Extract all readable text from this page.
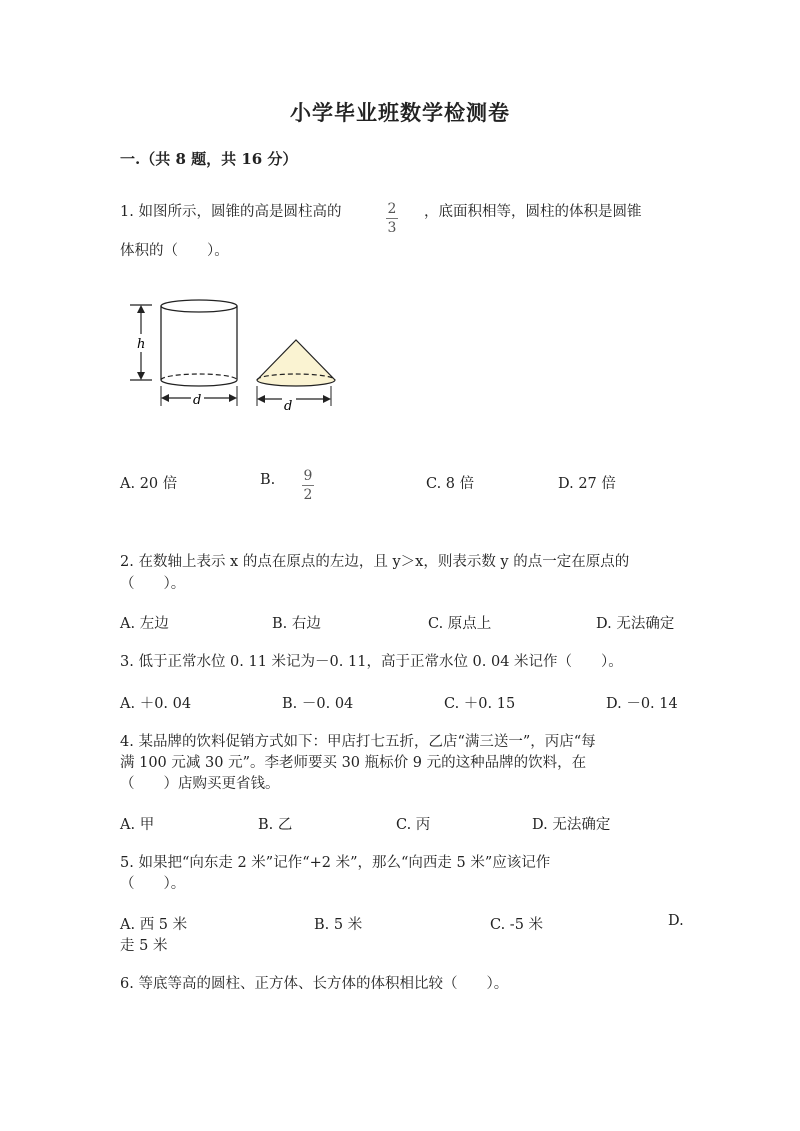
小学毕业班数学检测卷
一.（共 8 题，共 16 分）
1. 如图所示，圆锥的高是圆柱高的	$\frac{2}{3}$ ，底面积相等，圆柱的体积是圆锥
体积的（　　）。
h
d	d
A. 20 倍	B. $\frac{9}{2}$	C. 8 倍	D. 27 倍
2. 在数轴上表示 x 的点在原点的左边，且 y＞x，则表示数 y 的点一定在原点的
（　　）。
A. 左边	B. 右边	C. 原点上	D. 无法确定
3. 低于正常水位 0. 11 米记为－0. 11，高于正常水位 0. 04 米记作（　　）。
A. ＋0. 04	B. －0. 04	C. ＋0. 15	D. －0. 14
4. 某品牌的饮料促销方式如下：甲店打七五折，乙店“满三送一”，丙店“每
满 100 元减 30 元”。李老师要买 30 瓶标价 9 元的这种品牌的饮料，在
（　　）店购买更省钱。
A. 甲	B. 乙	C. 丙	D. 无法确定
5. 如果把“向东走 2 米”记作“+2 米”，那么“向西走 5 米”应该记作
（　　）。
A. 西 5 米	B. 5 米	C. -5 米	D.
走 5 米
6. 等底等高的圆柱、正方体、长方体的体积相比较（　　）。
